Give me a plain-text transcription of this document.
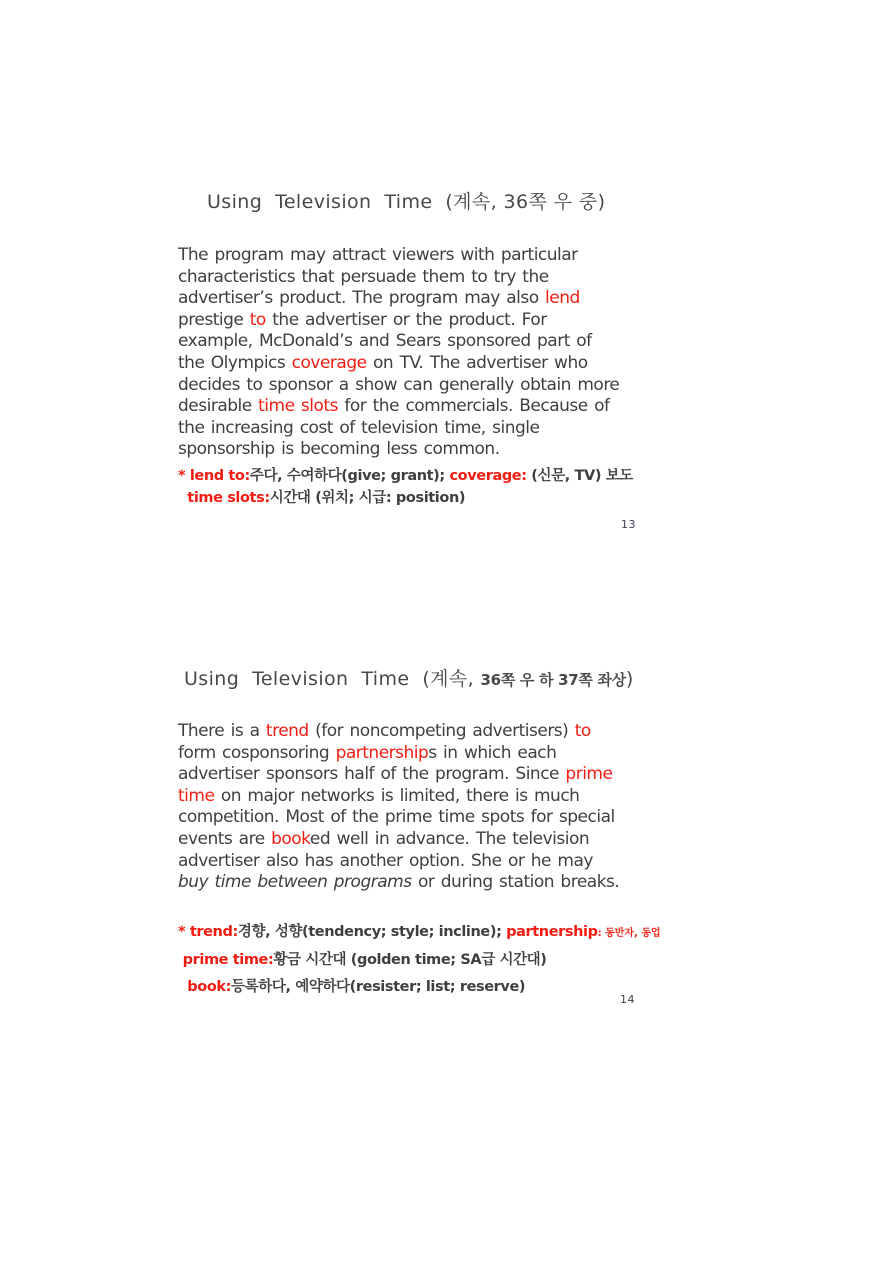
Using  Television  Time  (계속, 36쪽 우 중)
The program may attract viewers with particular
characteristics that persuade them to try the
advertiser’s product. The program may also lend
prestige to the advertiser or the product. For
example, McDonald’s and Sears sponsored part of
the Olympics coverage on TV. The advertiser who
decides to sponsor a show can generally obtain more
desirable time slots for the commercials. Because of
the increasing cost of television time, single
sponsorship is becoming less common.
* lend to:주다, 수여하다(give; grant); coverage: (신문, TV) 보도
time slots:시간대 (위치; 시급: position)
13
Using  Television  Time  (계속, 36쪽 우 하 37쪽 좌상)
There is a trend (for noncompeting advertisers) to
form cosponsoring partnerships in which each
advertiser sponsors half of the program. Since prime
time on major networks is limited, there is much
competition. Most of the prime time spots for special
events are booked well in advance. The television
advertiser also has another option. She or he may
buy time between programs or during station breaks.
* trend:경향, 성향(tendency; style; incline); partnership: 동반자, 동업
prime time:황금 시간대 (golden time; SA급 시간대)
book:등록하다, 예약하다(resister; list; reserve)
14
